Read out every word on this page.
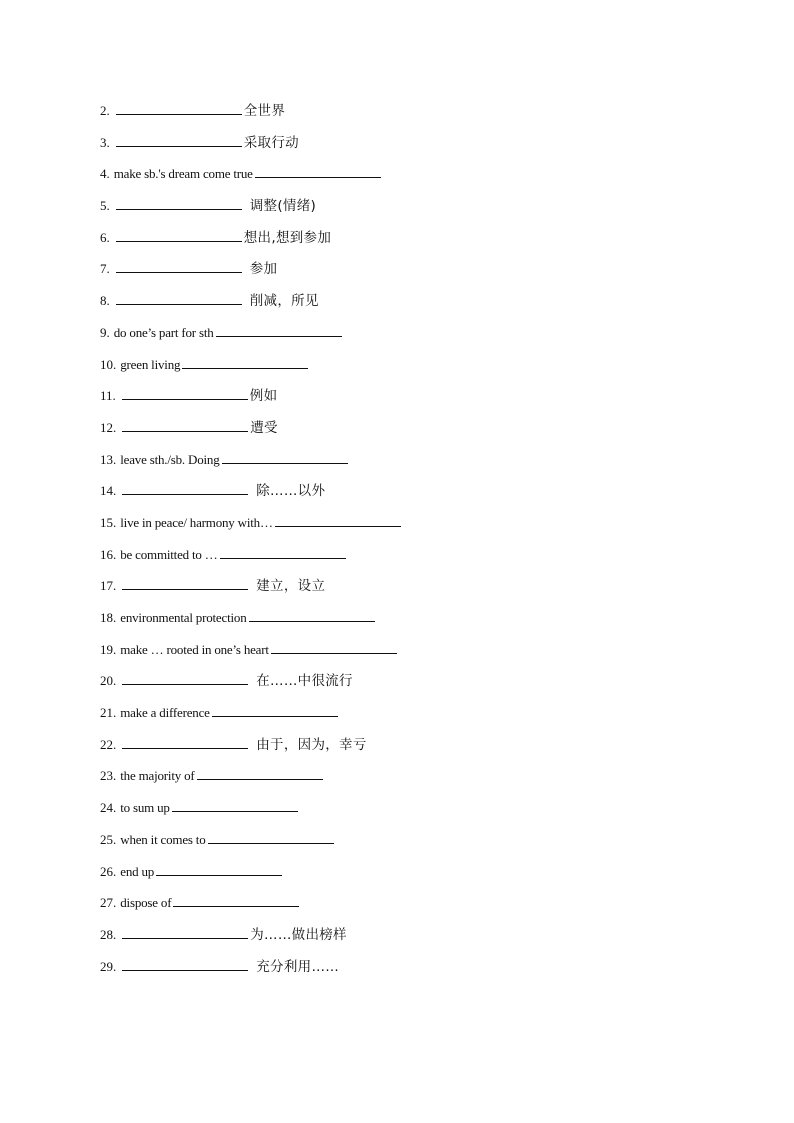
2.	全世界
3.	采取行动
4. make sb.'s dream come true
5.	调整(情绪)
6.	想出,想到参加
7.	参加
8.	削减，所见
9. do one’s part for sth
10. green living
11.	例如
12.	遭受
13. leave sth./sb. Doing
14.	除……以外
15. live in peace/ harmony with…
16. be committed to …
17.	建立，设立
18. environmental protection
19. make … rooted in one’s heart
20.	在……中很流行
21. make a difference
22.	由于，因为，幸亏
23. the majority of
24. to sum up
25. when it comes to
26. end up
27. dispose of
28.	为……做出榜样
29.	充分利用……
